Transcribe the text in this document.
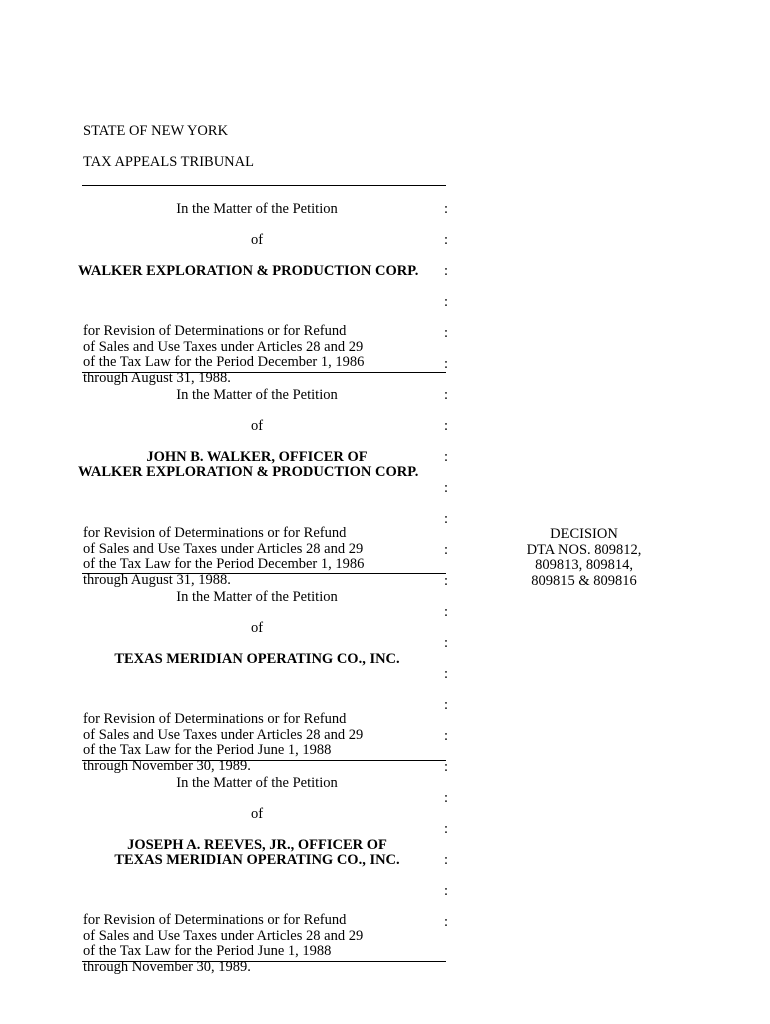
STATE OF NEW YORK
TAX APPEALS TRIBUNAL
In the Matter of the Petition
of
WALKER EXPLORATION & PRODUCTION CORP.

for Revision of Determinations or for Refund
of Sales and Use Taxes under Articles 28 and 29
of the Tax Law for the Period December 1, 1986
through August 31, 1988.

In the Matter of the Petition
of
JOHN B. WALKER, OFFICER OF
WALKER EXPLORATION & PRODUCTION CORP.

for Revision of Determinations or for Refund
of Sales and Use Taxes under Articles 28 and 29
of the Tax Law for the Period December 1, 1986
through August 31, 1988.

In the Matter of the Petition
of
TEXAS MERIDIAN OPERATING CO., INC.

for Revision of Determinations or for Refund
of Sales and Use Taxes under Articles 28 and 29
of the Tax Law for the Period June 1, 1988
through November 30, 1989.

In the Matter of the Petition
of
JOSEPH A. REEVES, JR., OFFICER OF
TEXAS MERIDIAN OPERATING CO., INC.

for Revision of Determinations or for Refund
of Sales and Use Taxes under Articles 28 and 29
of the Tax Law for the Period June 1, 1988
through November 30, 1989.

:
:
:
:
:
:
:
:
:
:
:
:
:
:
:
:
:
:
:
:
:
:
:
:
DECISION
DTA NOS. 809812,
809813, 809814,
809815 & 809816
